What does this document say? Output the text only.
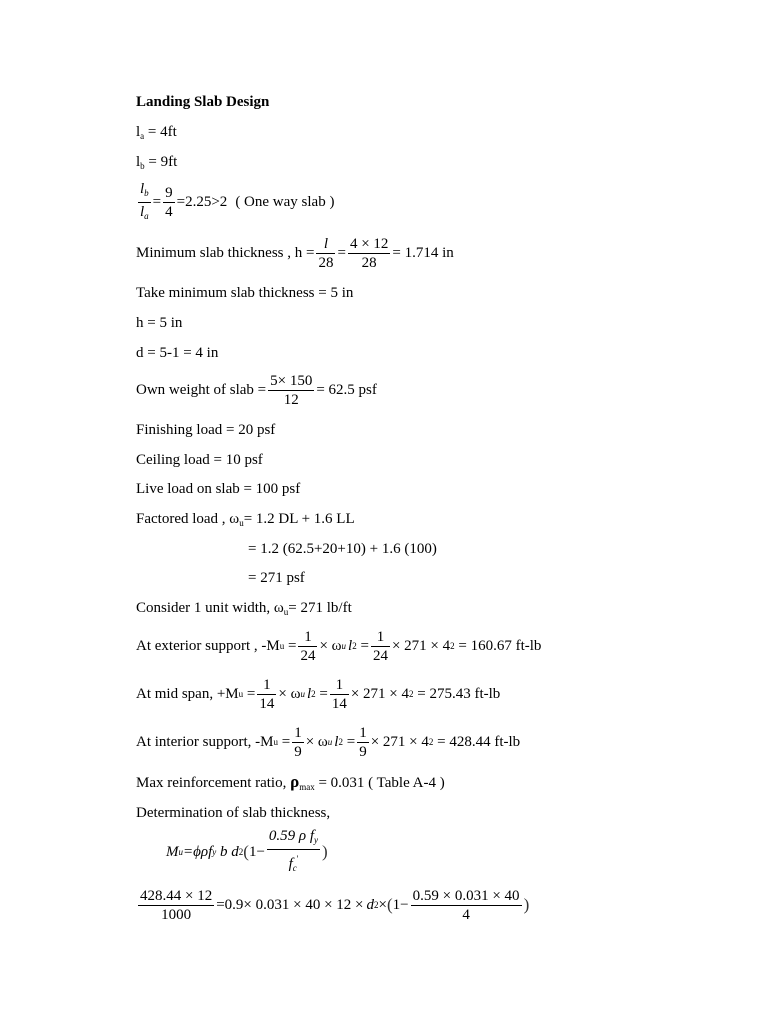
Landing Slab Design
$l_a = 4ft$
$l_b = 9ft$
$\frac{l_b}{l_a} = \frac{9}{4} =2.25>2$ ( One way slab )
Minimum slab thickness , $h = \frac{l}{28} = \frac{4 \times 12}{28} = 1.714$ in
Take minimum slab thickness = 5 in
h = 5 in
d = 5-1 = 4 in
Own weight of slab = $\frac{5\times 150}{12} = 62.5$ psf
Finishing load = 20 psf
Ceiling load = 10 psf
Live load on slab = 100 psf
Factored load , $\omega_u= 1.2$ DL + 1.6 LL
= 1.2 (62.5+20+10) + 1.6 (100)
= 271 psf
Consider 1 unit width, $\omega_u= 271$ lb/ft
At exterior support , -M u
= $\frac{1}{24} \times \omega$ u l 2
= $\frac{1}{24} \times 271 \times 4$ 2
= 160.67 ft-lb
At mid span, +M u
= $\frac{1}{14} \times \omega$ u l 2
= $\frac{1}{14} \times 271 \times 4$ 2
= 275.43 ft-lb
At interior support, -M u
= $\frac{1}{9} \times \omega$ u l 2
= $\frac{1}{9} \times 271 \times 4$ 2
= 428.44 ft-lb
Max reinforcement ratio, $\rho_{max} = 0.031$ ( Table A-4 )
Determination of slab thickness,
M u =ϕρ f y
b
d 2 ( $1- \frac{0.59 \rho f_y}{f_c'}$ )
$\frac{428.44 \times 12}{1000} =0.9\times 0.031 \times 40 \times 12 \times d$ 2 × ( $1- \frac{0.59 \times 0.031 \times 40}{4}$ )
